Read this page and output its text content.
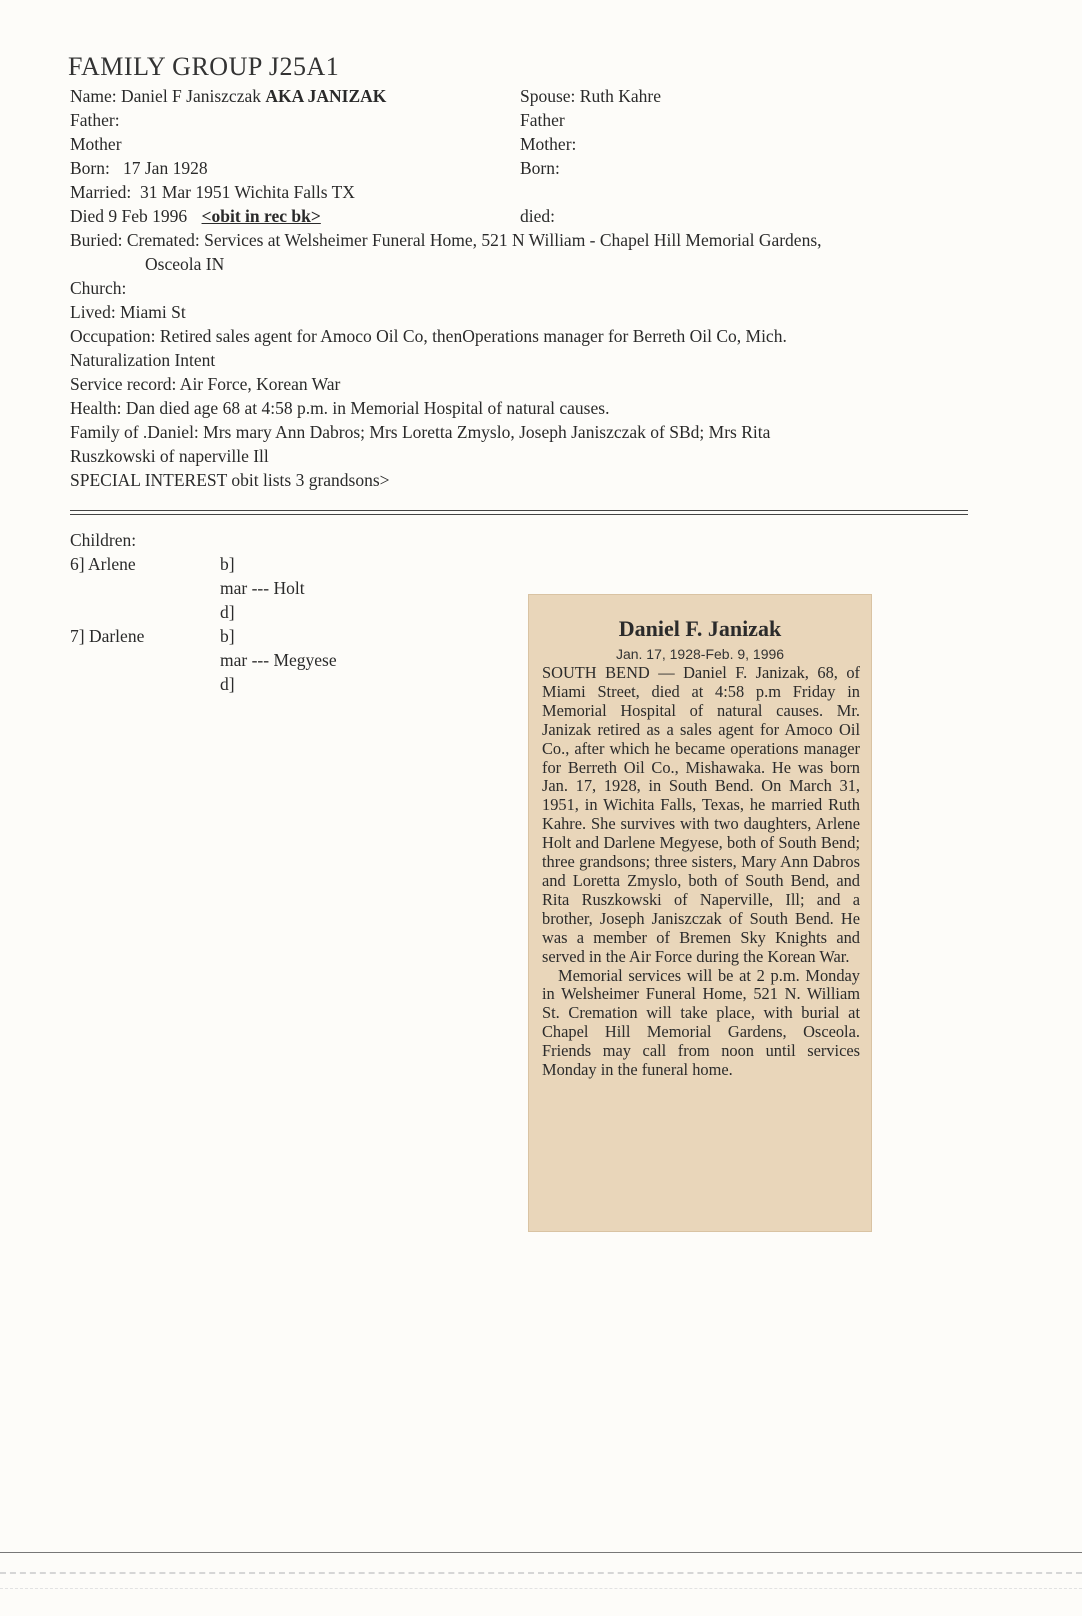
FAMILY GROUP J25A1
Name: Daniel F Janiszczak AKA JANIZAK
Father:
Mother
Born: 17 Jan 1928
Married: 31 Mar 1951 Wichita Falls TX
Died 9 Feb 1996 <obit in rec bk>
Buried: Cremated: Services at Welsheimer Funeral Home, 521 N William - Chapel Hill Memorial Gardens,
Osceola IN
Church:
Lived: Miami St
Occupation: Retired sales agent for Amoco Oil Co, thenOperations manager for Berreth Oil Co, Mich.
Naturalization Intent
Service record: Air Force, Korean War
Health: Dan died age 68 at 4:58 p.m. in Memorial Hospital of natural causes.
Family of .Daniel: Mrs mary Ann Dabros; Mrs Loretta Zmyslo, Joseph Janiszczak of SBd; Mrs Rita
Ruszkowski of naperville Ill
SPECIAL INTEREST obit lists 3 grandsons>
Spouse: Ruth Kahre
Father
Mother:
Born:
died:
Children:
6] Arlene	b]
mar --- Holt
d]
7] Darlene	b]
mar --- Megyese
d]
Daniel F. Janizak
Jan. 17, 1928-Feb. 9, 1996

SOUTH BEND — Daniel F. Janizak, 68, of Miami Street, died at 4:58 p.m Friday in Memorial Hospital of natural causes. Mr. Janizak retired as a sales agent for Amoco Oil Co., after which he became operations manager for Berreth Oil Co., Mishawaka. He was born Jan. 17, 1928, in South Bend. On March 31, 1951, in Wichita Falls, Texas, he married Ruth Kahre. She survives with two daughters, Arlene Holt and Darlene Megyese, both of South Bend; three grandsons; three sisters, Mary Ann Dabros and Loretta Zmyslo, both of South Bend, and Rita Ruszkowski of Naperville, Ill; and a brother, Joseph Janiszczak of South Bend. He was a member of Bremen Sky Knights and served in the Air Force during the Korean War.

Memorial services will be at 2 p.m. Monday in Welsheimer Funeral Home, 521 N. William St. Cremation will take place, with burial at Chapel Hill Memorial Gardens, Osceola. Friends may call from noon until services Monday in the funeral home.
